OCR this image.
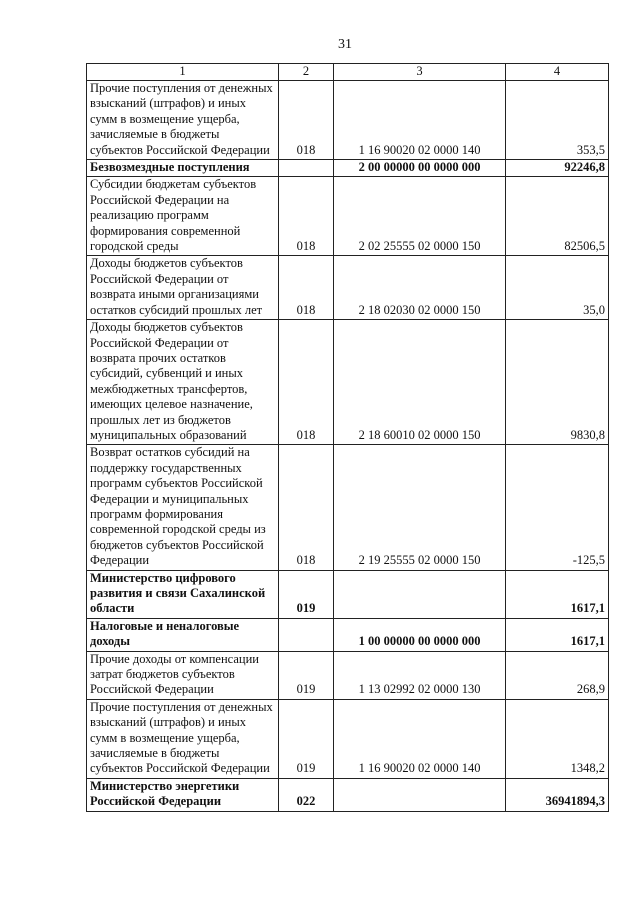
31
1	2	3	4
Прочие поступления от денежных взысканий (штрафов) и иных сумм в возмещение ущерба, зачисляемые в бюджеты субъектов Российской Федерации	018	1 16 90020 02 0000 140	353,5
Безвозмездные поступления		2 00 00000 00 0000 000	92246,8
Субсидии бюджетам субъектов Российской Федерации на реализацию программ формирования современной городской среды	018	2 02 25555 02 0000 150	82506,5
Доходы бюджетов субъектов Российской Федерации от возврата иными организациями остатков субсидий прошлых лет	018	2 18 02030 02 0000 150	35,0
Доходы бюджетов субъектов Российской Федерации от возврата прочих остатков субсидий, субвенций и иных межбюджетных трансфертов, имеющих целевое назначение, прошлых лет из бюджетов муниципальных образований	018	2 18 60010 02 0000 150	9830,8
Возврат остатков субсидий на поддержку государственных программ субъектов Российской Федерации и муниципальных программ формирования современной городской среды из бюджетов субъектов Российской Федерации	018	2 19 25555 02 0000 150	-125,5
Министерство цифрового развития и связи Сахалинской области	019		1617,1
Налоговые и неналоговые доходы		1 00 00000 00 0000 000	1617,1
Прочие доходы от компенсации затрат бюджетов субъектов Российской Федерации	019	1 13 02992 02 0000 130	268,9
Прочие поступления от денежных взысканий (штрафов) и иных сумм в возмещение ущерба, зачисляемые в бюджеты субъектов Российской Федерации	019	1 16 90020 02 0000 140	1348,2
Министерство энергетики Российской Федерации	022		36941894,3
